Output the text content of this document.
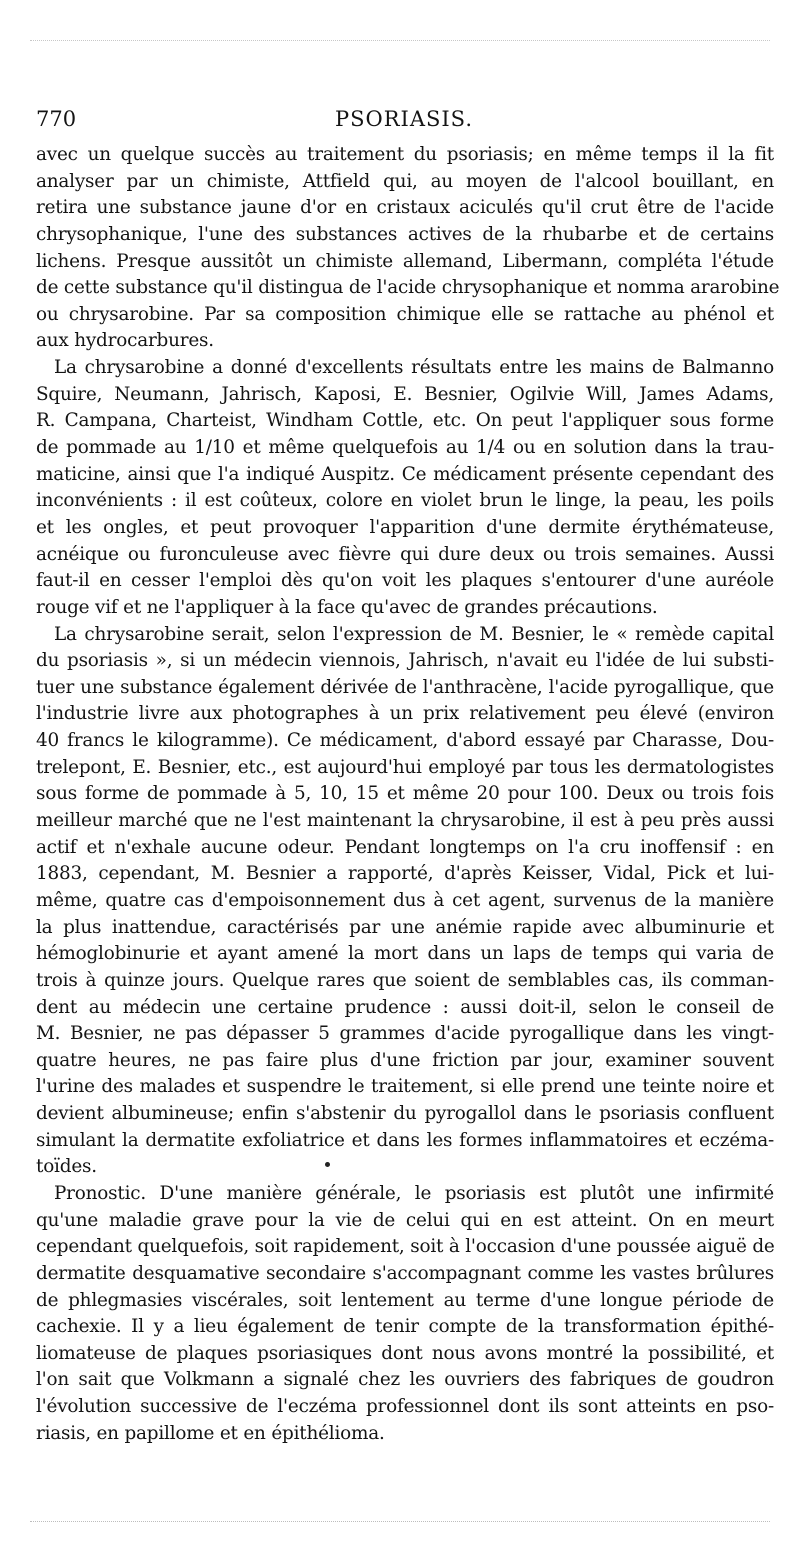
770	PSORIASIS.
avec un quelque succès au traitement du psoriasis; en même temps il la fit
analyser par un chimiste, Attfield qui, au moyen de l'alcool bouillant, en
retira une substance jaune d'or en cristaux aciculés qu'il crut être de l'acide
chrysophanique, l'une des substances actives de la rhubarbe et de certains
lichens. Presque aussitôt un chimiste allemand, Libermann, compléta l'étude
de cette substance qu'il distingua de l'acide chrysophanique et nomma ararobine
ou chrysarobine. Par sa composition chimique elle se rattache au phénol et
aux hydrocarbures.
La chrysarobine a donné d'excellents résultats entre les mains de Balmanno
Squire, Neumann, Jahrisch, Kaposi, E. Besnier, Ogilvie Will, James Adams,
R. Campana, Charteist, Windham Cottle, etc. On peut l'appliquer sous forme
de pommade au 1/10 et même quelquefois au 1/4 ou en solution dans la trau-
maticine, ainsi que l'a indiqué Auspitz. Ce médicament présente cependant des
inconvénients : il est coûteux, colore en violet brun le linge, la peau, les poils
et les ongles, et peut provoquer l'apparition d'une dermite érythémateuse,
acnéique ou furonculeuse avec fièvre qui dure deux ou trois semaines. Aussi
faut-il en cesser l'emploi dès qu'on voit les plaques s'entourer d'une auréole
rouge vif et ne l'appliquer à la face qu'avec de grandes précautions.
La chrysarobine serait, selon l'expression de M. Besnier, le « remède capital
du psoriasis », si un médecin viennois, Jahrisch, n'avait eu l'idée de lui substi-
tuer une substance également dérivée de l'anthracène, l'acide pyrogallique, que
l'industrie livre aux photographes à un prix relativement peu élevé (environ
40 francs le kilogramme). Ce médicament, d'abord essayé par Charasse, Dou-
trelepont, E. Besnier, etc., est aujourd'hui employé par tous les dermatologistes
sous forme de pommade à 5, 10, 15 et même 20 pour 100. Deux ou trois fois
meilleur marché que ne l'est maintenant la chrysarobine, il est à peu près aussi
actif et n'exhale aucune odeur. Pendant longtemps on l'a cru inoffensif : en
1883, cependant, M. Besnier a rapporté, d'après Keisser, Vidal, Pick et lui-
même, quatre cas d'empoisonnement dus à cet agent, survenus de la manière
la plus inattendue, caractérisés par une anémie rapide avec albuminurie et
hémoglobinurie et ayant amené la mort dans un laps de temps qui varia de
trois à quinze jours. Quelque rares que soient de semblables cas, ils comman-
dent au médecin une certaine prudence : aussi doit-il, selon le conseil de
M. Besnier, ne pas dépasser 5 grammes d'acide pyrogallique dans les vingt-
quatre heures, ne pas faire plus d'une friction par jour, examiner souvent
l'urine des malades et suspendre le traitement, si elle prend une teinte noire et
devient albumineuse; enfin s'abstenir du pyrogallol dans le psoriasis confluent
simulant la dermatite exfoliatrice et dans les formes inflammatoires et eczéma-
toïdes.
Pronostic. D'une manière générale, le psoriasis est plutôt une infirmité
qu'une maladie grave pour la vie de celui qui en est atteint. On en meurt
cependant quelquefois, soit rapidement, soit à l'occasion d'une poussée aiguë de
dermatite desquamative secondaire s'accompagnant comme les vastes brûlures
de phlegmasies viscérales, soit lentement au terme d'une longue période de
cachexie. Il y a lieu également de tenir compte de la transformation épithé-
liomateuse de plaques psoriasiques dont nous avons montré la possibilité, et
l'on sait que Volkmann a signalé chez les ouvriers des fabriques de goudron
l'évolution successive de l'eczéma professionnel dont ils sont atteints en pso-
riasis, en papillome et en épithélioma.
